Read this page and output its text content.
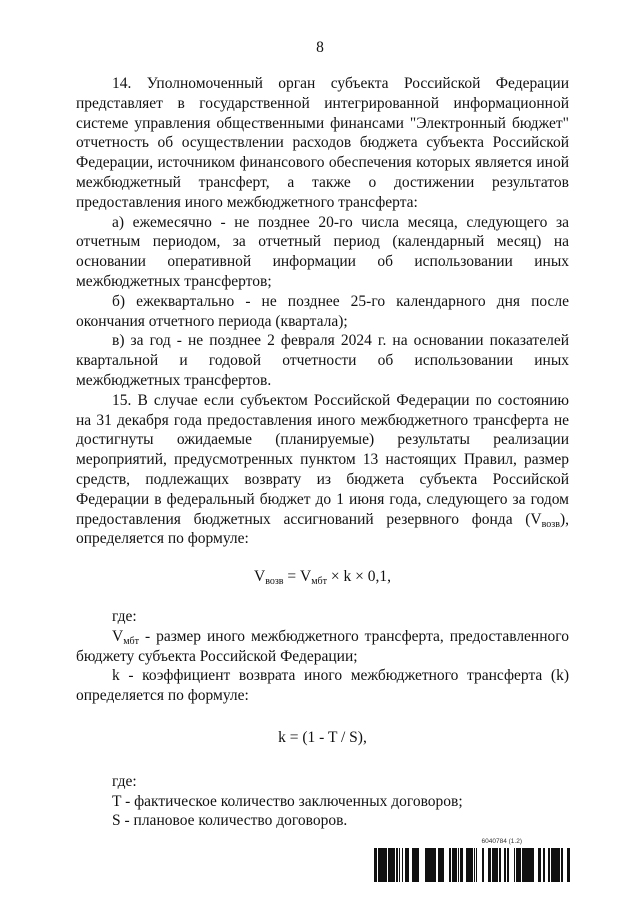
8

14. Уполномоченный орган субъекта Российской Федерации представляет в государственной интегрированной информационной системе управления общественными финансами "Электронный бюджет" отчетность об осуществлении расходов бюджета субъекта Российской Федерации, источником финансового обеспечения которых является иной межбюджетный трансферт, а также о достижении результатов предоставления иного межбюджетного трансферта:

а) ежемесячно - не позднее 20-го числа месяца, следующего за отчетным периодом, за отчетный период (календарный месяц) на основании оперативной информации об использовании иных межбюджетных трансфертов;

б) ежеквартально - не позднее 25-го календарного дня после окончания отчетного периода (квартала);

в) за год - не позднее 2 февраля 2024 г. на основании показателей квартальной и годовой отчетности об использовании иных межбюджетных трансфертов.

15. В случае если субъектом Российской Федерации по состоянию на 31 декабря года предоставления иного межбюджетного трансферта не достигнуты ожидаемые (планируемые) результаты реализации мероприятий, предусмотренных пунктом 13 настоящих Правил, размер средств, подлежащих возврату из бюджета субъекта Российской Федерации в федеральный бюджет до 1 июня года, следующего за годом предоставления бюджетных ассигнований резервного фонда $(V_{возв})$, определяется по формуле:

$V_{возв} = V_{мбт} \times k \times 0,1$,

где:

$V_{мбт}$ - размер иного межбюджетного трансферта, предоставленного бюджету субъекта Российской Федерации;

k - коэффициент возврата иного межбюджетного трансферта (k) определяется по формуле:

k = (1 - T / S),

где:

T - фактическое количество заключенных договоров;

S - плановое количество договоров.

6040784 (1.2)
